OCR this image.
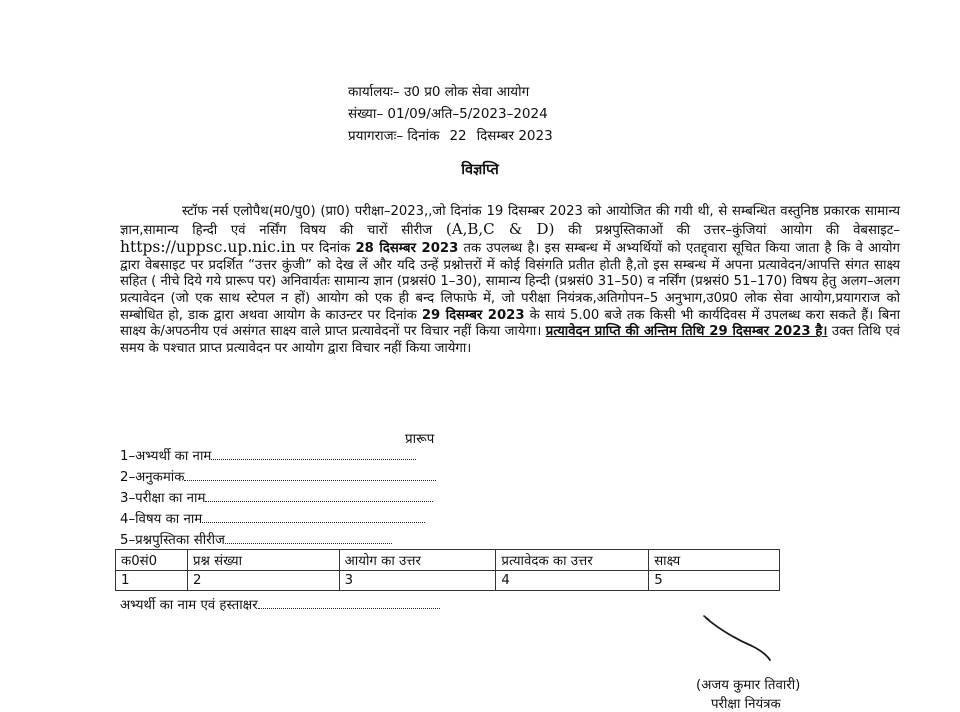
कार्यालयः– उ0 प्र0 लोक सेवा आयोग
संख्या– 01/09/अति–5/2023–2024
प्रयागराजः– दिनांक 22 दिसम्बर 2023
विज्ञप्ति
स्टॉफ नर्स एलोपैथ(म0/पु0) (प्रा0) परीक्षा–2023,,जो दिनांक 19 दिसम्बर 2023 को आयोजित की गयी थी, से सम्बन्धित वस्तुनिष्ठ प्रकारक सामान्य ज्ञान,सामान्य हिन्दी एवं नर्सिंग विषय की चारों सीरीज (A,B,C & D) की प्रश्नपुस्तिकाओं की उत्तर–कुंजियां आयोग की वेबसाइट– https://uppsc.up.nic.in पर दिनांक 28 दिसम्बर 2023 तक उपलब्ध है। इस सम्बन्ध में अभ्यर्थियों को एतद्द्वारा सूचित किया जाता है कि वे आयोग द्वारा वेबसाइट पर प्रदर्शित “उत्तर कुंजी” को देख लें और यदि उन्हें प्रश्नोत्तरों में कोई विसंगति प्रतीत होती है,तो इस सम्बन्ध में अपना प्रत्यावेदन/आपत्ति संगत साक्ष्य सहित ( नीचे दिये गये प्रारूप पर) अनिवार्यतः सामान्य ज्ञान (प्रश्नसं0 1–30), सामान्य हिन्दी (प्रश्नसं0 31–50) व नर्सिंग (प्रश्नसं0 51–170) विषय हेतु अलग–अलग प्रत्यावेदन (जो एक साथ स्टेपल न हों) आयोग को एक ही बन्द लिफाफे में, जो परीक्षा नियंत्रक,अतिगोपन–5 अनुभाग,उ0प्र0 लोक सेवा आयोग,प्रयागराज को सम्बोधित हो, डाक द्वारा अथवा आयोग के काउन्टर पर दिनांक 29 दिसम्बर 2023 के सायं 5.00 बजे तक किसी भी कार्यदिवस में उपलब्ध करा सकते हैं। बिना साक्ष्य के/अपठनीय एवं असंगत साक्ष्य वाले प्राप्त प्रत्यावेदनों पर विचार नहीं किया जायेगा। प्रत्यावेदन प्राप्ति की अन्तिम तिथि 29 दिसम्बर 2023 है। उक्त तिथि एवं समय के पश्चात प्राप्त प्रत्यावेदन पर आयोग द्वारा विचार नहीं किया जायेगा।
प्रारूप
1–अभ्यर्थी का नाम
2–अनुकमांक
3–परीक्षा का नाम
4–विषय का नाम
5–प्रश्नपुस्तिका सीरीज
क0सं0	प्रश्न संख्या	आयोग का उत्तर	प्रत्यावेदक का उत्तर	साक्ष्य
1	2	3	4	5
अभ्यर्थी का नाम एवं हस्ताक्षर
(अजय कुमार तिवारी)
परीक्षा नियंत्रक
